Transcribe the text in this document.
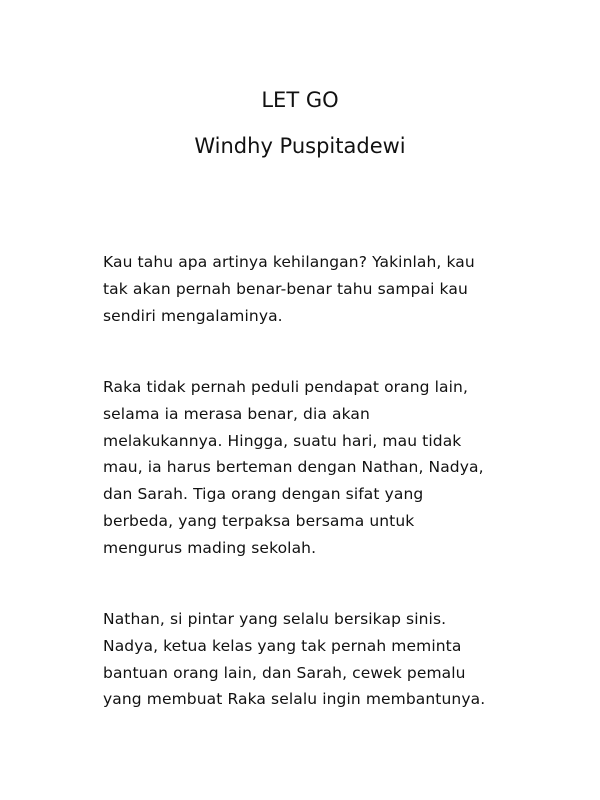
LET GO
Windhy Puspitadewi

Kau tahu apa artinya kehilangan? Yakinlah, kau
tak akan pernah benar-benar tahu sampai kau
sendiri mengalaminya.

Raka tidak pernah peduli pendapat orang lain,
selama ia merasa benar, dia akan
melakukannya. Hingga, suatu hari, mau tidak
mau, ia harus berteman dengan Nathan, Nadya,
dan Sarah. Tiga orang dengan sifat yang
berbeda, yang terpaksa bersama untuk
mengurus mading sekolah.

Nathan, si pintar yang selalu bersikap sinis.
Nadya, ketua kelas yang tak pernah meminta
bantuan orang lain, dan Sarah, cewek pemalu
yang membuat Raka selalu ingin membantunya.
